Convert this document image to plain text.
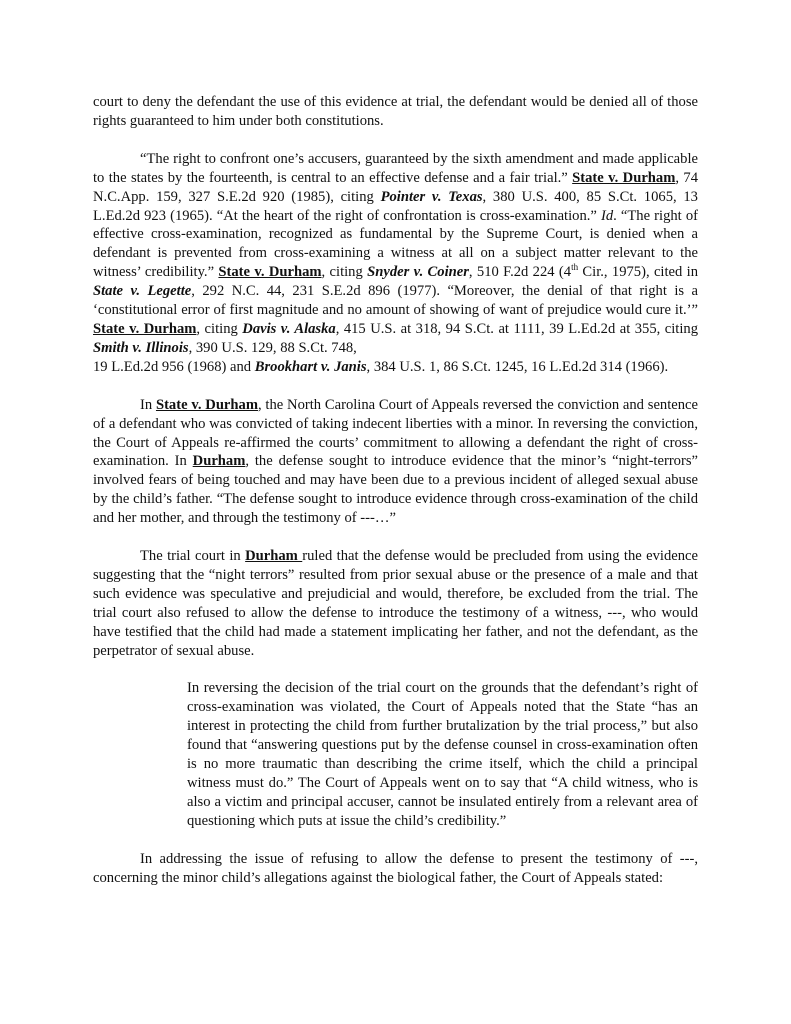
court to deny the defendant the use of this evidence at trial, the defendant would be denied all of those rights guaranteed to him under both constitutions.

“The right to confront one’s accusers, guaranteed by the sixth amendment and made applicable to the states by the fourteenth, is central to an effective defense and a fair trial.” State v. Durham, 74 N.C.App. 159, 327 S.E.2d 920 (1985), citing Pointer v. Texas, 380 U.S. 400, 85 S.Ct. 1065, 13 L.Ed.2d 923 (1965). “At the heart of the right of confrontation is cross-examination.” Id. “The right of effective cross-examination, recognized as fundamental by the Supreme Court, is denied when a defendant is prevented from cross-examining a witness at all on a subject matter relevant to the witness’ credibility.” State v. Durham, citing Snyder v. Coiner, 510 F.2d 224 (4th Cir., 1975), cited in State v. Legette, 292 N.C. 44, 231 S.E.2d 896 (1977). “Moreover, the denial of that right is a ‘constitutional error of first magnitude and no amount of showing of want of prejudice would cure it.’” State v. Durham, citing Davis v. Alaska, 415 U.S. at 318, 94 S.Ct. at 1111, 39 L.Ed.2d at 355, citing Smith v. Illinois, 390 U.S. 129, 88 S.Ct. 748,

19 L.Ed.2d 956 (1968) and Brookhart v. Janis, 384 U.S. 1, 86 S.Ct. 1245, 16 L.Ed.2d 314 (1966).

In State v. Durham, the North Carolina Court of Appeals reversed the conviction and sentence of a defendant who was convicted of taking indecent liberties with a minor. In reversing the conviction, the Court of Appeals re-affirmed the courts’ commitment to allowing a defendant the right of cross-examination. In Durham, the defense sought to introduce evidence that the minor’s “night-terrors” involved fears of being touched and may have been due to a previous incident of alleged sexual abuse by the child’s father. “The defense sought to introduce evidence through cross-examination of the child and her mother, and through the testimony of ---…”

The trial court in Durham ruled that the defense would be precluded from using the evidence suggesting that the “night terrors” resulted from prior sexual abuse or the presence of a male and that such evidence was speculative and prejudicial and would, therefore, be excluded from the trial. The trial court also refused to allow the defense to introduce the testimony of a witness, ---, who would have testified that the child had made a statement implicating her father, and not the defendant, as the perpetrator of sexual abuse.

In reversing the decision of the trial court on the grounds that the defendant’s right of cross-examination was violated, the Court of Appeals noted that the State “has an interest in protecting the child from further brutalization by the trial process,” but also found that “answering questions put by the defense counsel in cross-examination often is no more traumatic than describing the crime itself, which the child a principal witness must do.” The Court of Appeals went on to say that “A child witness, who is also a victim and principal accuser, cannot be insulated entirely from a relevant area of questioning which puts at issue the child’s credibility.”

In addressing the issue of refusing to allow the defense to present the testimony of ---, concerning the minor child’s allegations against the biological father, the Court of Appeals stated:
